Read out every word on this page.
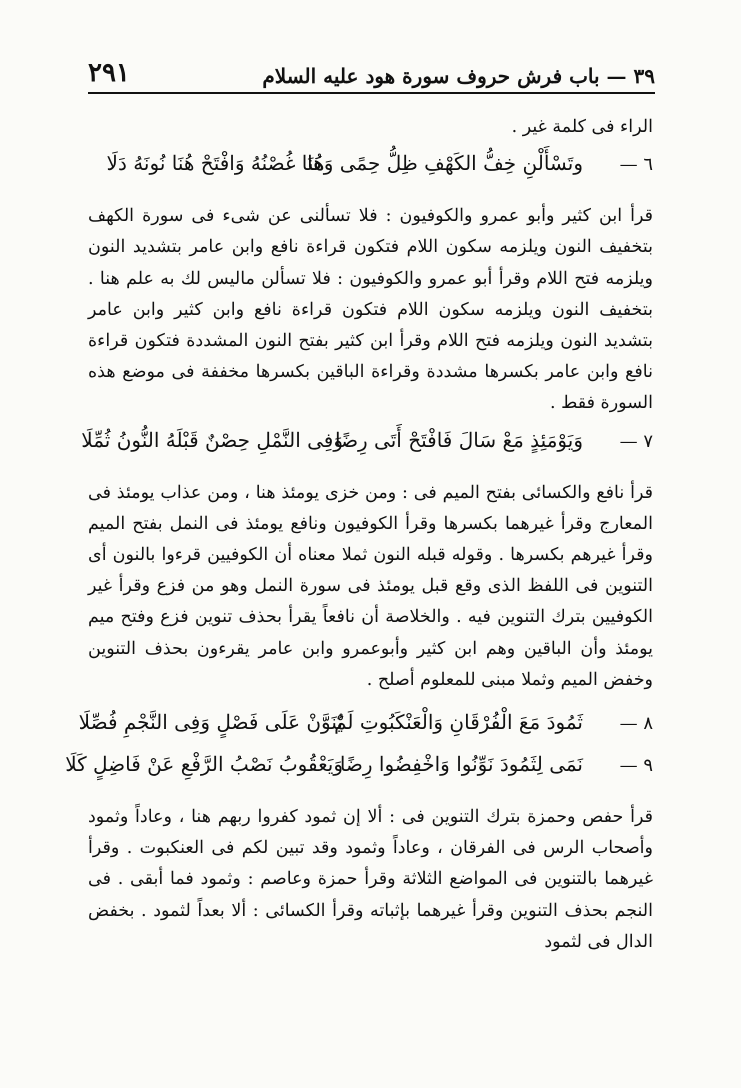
٣٩ — باب فرش حروف سورة هود عليه السلام
٢٩١

الراء فى كلمة غير .

٦ —
وتَسْأَلْنِ خِفُّ الكَهْفِ ظِلُّ حِمًى وَهَا
هُنَا غُصْنُهُ وَافْتَحْ هُنَا نُونَهُ دَلَا

قرأ ابن كثير وأبو عمرو والكوفيون : فلا تسألنى عن شىء فى سورة الكهف بتخفيف النون ويلزمه سكون اللام فتكون قراءة نافع وابن عامر بتشديد النون ويلزمه فتح اللام وقرأ أبو عمرو والكوفيون : فلا تسألن ماليس لك به علم هنا . بتخفيف النون ويلزمه سكون اللام فتكون قراءة نافع وابن كثير وابن عامر بتشديد النون ويلزمه فتح اللام وقرأ ابن كثير بفتح النون المشددة فتكون قراءة نافع وابن عامر بكسرها مشددة وقراءة الباقين بكسرها مخففة فى موضع هذه السورة فقط .

٧ —
وَيَوْمَئِذٍ مَعْ سَالَ فَافْتَحْ أَتَى رِضًا
وَفِى النَّمْلِ حِصْنٌ قَبْلَهُ النُّونُ ثُمِّلَا

قرأ نافع والكسائى بفتح الميم فى : ومن خزى يومئذ هنا ، ومن عذاب يومئذ فى المعارج وقرأ غيرهما بكسرها وقرأ الكوفيون ونافع يومئذ فى النمل بفتح الميم وقرأ غيرهم بكسرها . وقوله قبله النون ثملا معناه أن الكوفيين قرءوا بالنون أى التنوين فى اللفظ الذى وقع قبل يومئذ فى سورة النمل وهو من فزع وقرأ غير الكوفيين بترك التنوين فيه . والخلاصة أن نافعاً يقرأ بحذف تنوين فزع وفتح ميم يومئذ وأن الباقين وهم ابن كثير وأبوعمرو وابن عامر يقرءون بحذف التنوين وخفض الميم وثملا مبنى للمعلوم أصلح .

٨ —
ثَمُودَ مَعَ الْفُرْقَانِ وَالْعَنْكَبُوتِ لَمْ
يُنَوَّنْ عَلَى فَصْلٍ وَفِى النَّجْمِ فُصِّلَا
٩ —
نَمَى لِثَمُودَ نَوِّنُوا وَاخْفِضُوا رِضًا
وَيَعْقُوبُ نَصْبُ الرَّفْعِ عَنْ فَاضِلٍ كَلَا

قرأ حفص وحمزة بترك التنوين فى : ألا إن ثمود كفروا ربهم هنا ، وعاداً وثمود وأصحاب الرس فى الفرقان ، وعاداً وثمود وقد تبين لكم فى العنكبوت . وقرأ غيرهما بالتنوين فى المواضع الثلاثة وقرأ حمزة وعاصم : وثمود فما أبقى . فى النجم بحذف التنوين وقرأ غيرهما بإثباته وقرأ الكسائى : ألا بعداً لثمود . بخفض الدال فى لثمود
